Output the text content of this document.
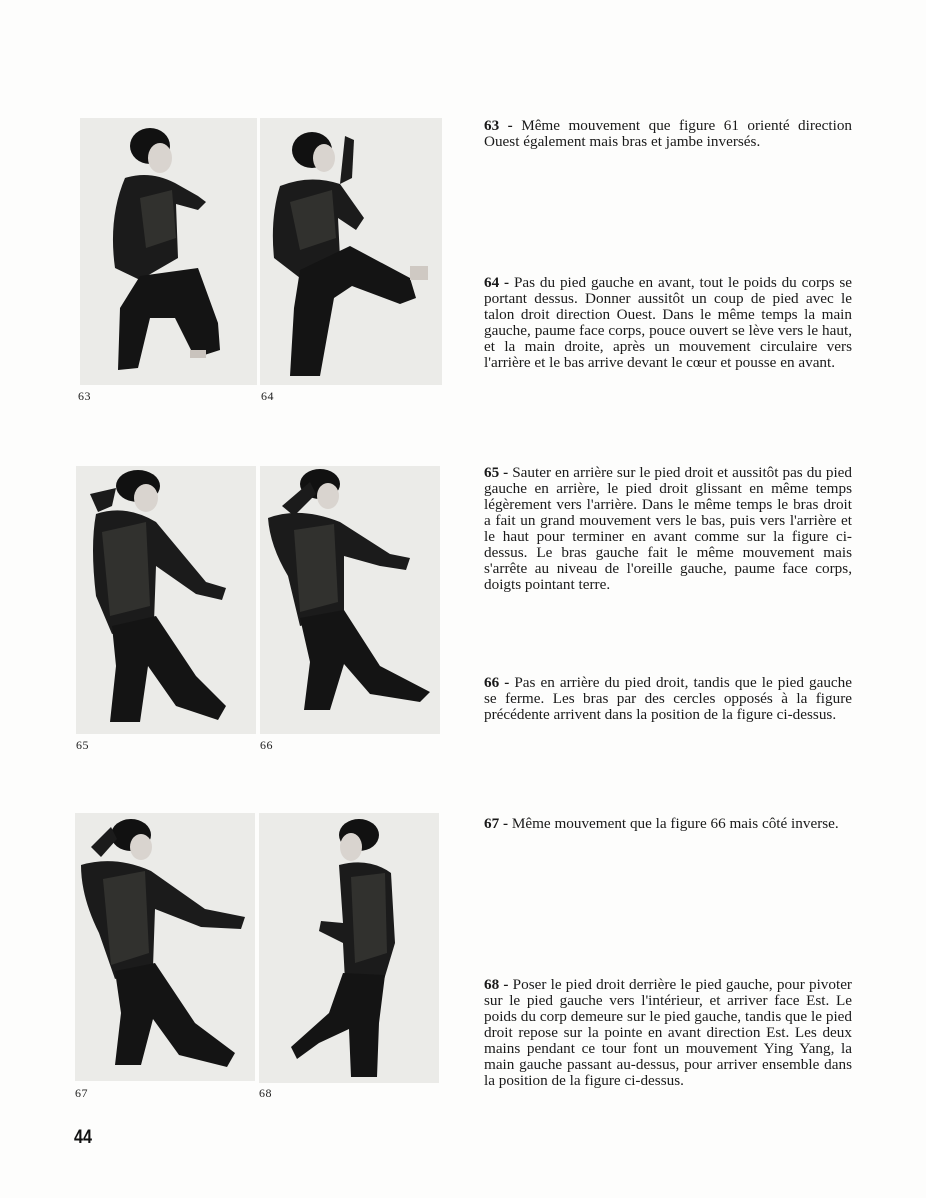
63	64
65	66
67	68
63 - Même mouvement que figure 61 orienté direction Ouest également mais bras et jambe inversés.
64 - Pas du pied gauche en avant, tout le poids du corps se portant dessus. Donner aussitôt un coup de pied avec le talon droit direction Ouest. Dans le même temps la main gauche, paume face corps, pouce ouvert se lève vers le haut, et la main droite, après un mouvement circulaire vers l'arrière et le bas arrive devant le cœur et pousse en avant.
65 - Sauter en arrière sur le pied droit et aussitôt pas du pied gauche en arrière, le pied droit glissant en même temps légèrement vers l'arrière. Dans le même temps le bras droit a fait un grand mouvement vers le bas, puis vers l'arrière et le haut pour terminer en avant comme sur la figure ci-dessus. Le bras gauche fait le même mouvement mais s'arrête au niveau de l'oreille gauche, paume face corps, doigts pointant terre.
66 - Pas en arrière du pied droit, tandis que le pied gauche se ferme. Les bras par des cercles opposés à la figure précédente arrivent dans la position de la figure ci-dessus.
67 - Même mouvement que la figure 66 mais côté inverse.
68 - Poser le pied droit derrière le pied gauche, pour pivoter sur le pied gauche vers l'intérieur, et arriver face Est. Le poids du corp demeure sur le pied gauche, tandis que le pied droit repose sur la pointe en avant direction Est. Les deux mains pendant ce tour font un mouvement Ying Yang, la main gauche passant au-dessus, pour arriver ensemble dans la position de la figure ci-dessus.
44
